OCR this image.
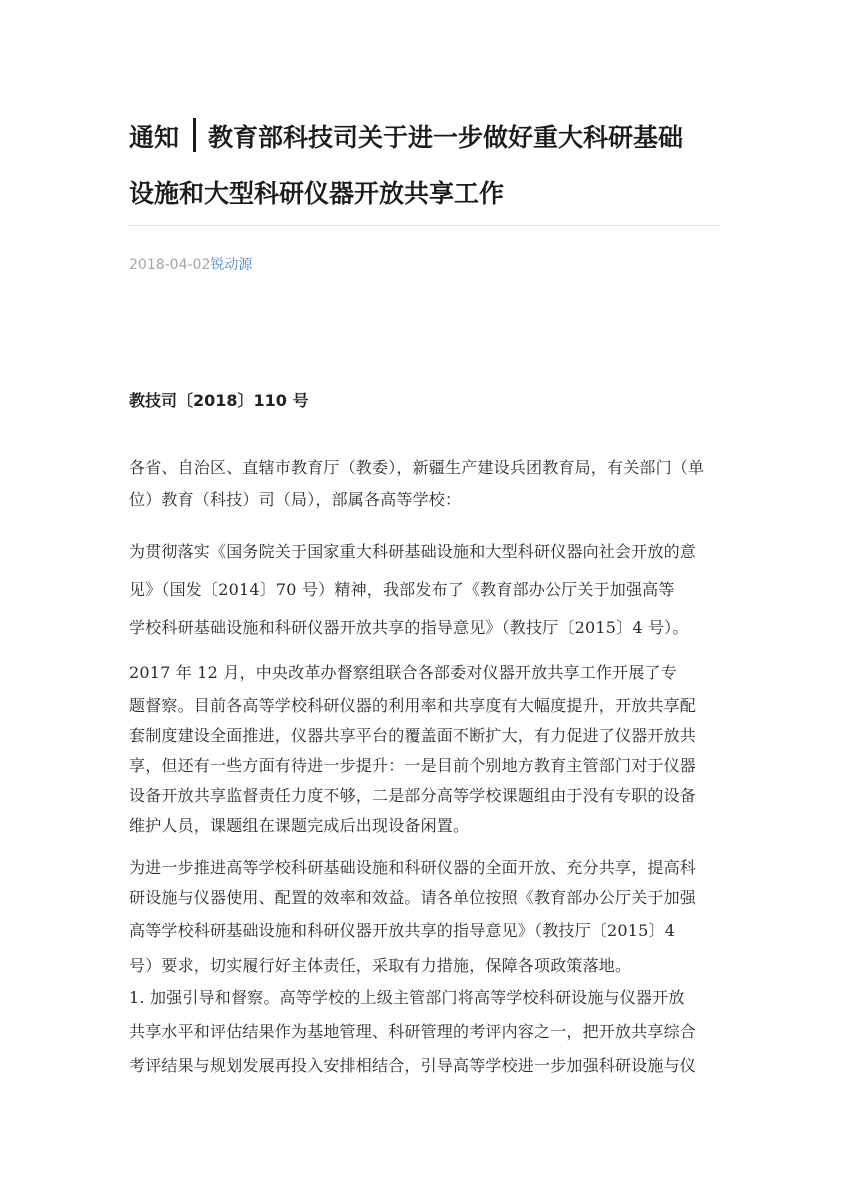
通知 教育部科技司关于进一步做好重大科研基础
设施和大型科研仪器开放共享工作
2018-04-02锐动源
教技司〔2018〕110 号
各省、自治区、直辖市教育厅（教委），新疆生产建设兵团教育局，有关部门（单
位）教育（科技）司（局），部属各高等学校：
为贯彻落实《国务院关于国家重大科研基础设施和大型科研仪器向社会开放的意
见》（国发〔2014〕70 号）精神，我部发布了《教育部办公厅关于加强高等
学校科研基础设施和科研仪器开放共享的指导意见》（教技厅〔2015〕4 号）。
2017 年 12 月，中央改革办督察组联合各部委对仪器开放共享工作开展了专
题督察。目前各高等学校科研仪器的利用率和共享度有大幅度提升，开放共享配
套制度建设全面推进，仪器共享平台的覆盖面不断扩大，有力促进了仪器开放共
享，但还有一些方面有待进一步提升：一是目前个别地方教育主管部门对于仪器
设备开放共享监督责任力度不够，二是部分高等学校课题组由于没有专职的设备
维护人员，课题组在课题完成后出现设备闲置。
为进一步推进高等学校科研基础设施和科研仪器的全面开放、充分共享，提高科
研设施与仪器使用、配置的效率和效益。请各单位按照《教育部办公厅关于加强
高等学校科研基础设施和科研仪器开放共享的指导意见》（教技厅〔2015〕4
号）要求，切实履行好主体责任，采取有力措施，保障各项政策落地。
1. 加强引导和督察。高等学校的上级主管部门将高等学校科研设施与仪器开放
共享水平和评估结果作为基地管理、科研管理的考评内容之一，把开放共享综合
考评结果与规划发展再投入安排相结合，引导高等学校进一步加强科研设施与仪
